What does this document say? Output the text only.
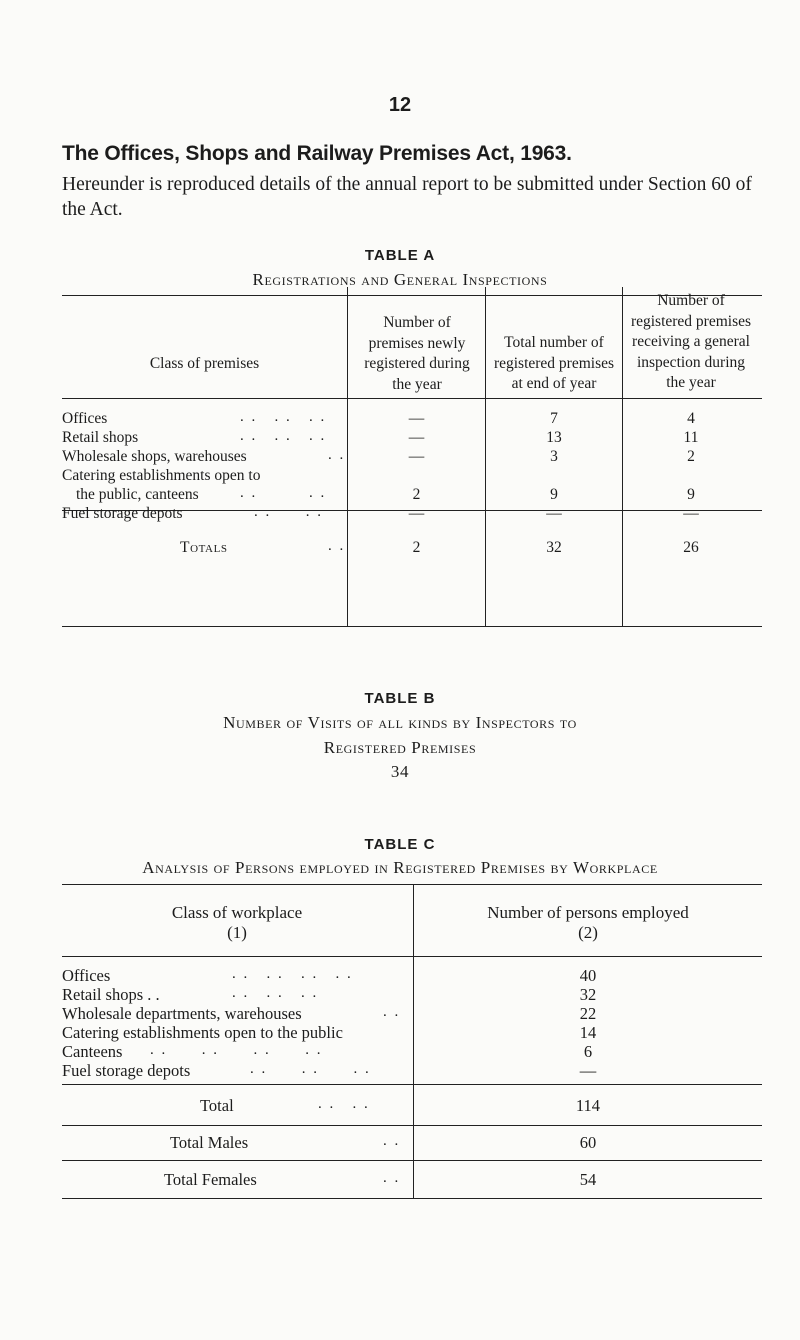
12
The Offices, Shops and Railway Premises Act, 1963.
Hereunder is reproduced details of the annual report to be submitted under Section 60 of the Act.
TABLE A
Registrations and General Inspections
Class of premises
Number of premises newly registered during the year
Total number of registered premises at end of year
Number of registered premises receiving a general inspection during the year
Offices	. .   . .   . .	—	7	4
Retail shops	. .   . .   . .	—	13	11
Wholesale shops, warehouses	. .	—	3	2
Catering establishments open to
the public, canteens	. .         . .	2	9	9
Fuel storage depots	. .      . .	—	—	—
Totals	. .	2	32	26
TABLE B
Number of Visits of all kinds by Inspectors to
Registered Premises
34
TABLE C
Analysis of Persons employed in Registered Premises by Workplace
Class of workplace
(1)
Number of persons employed
(2)
Offices	. .   . .   . .   . .	40
Retail shops . .	. .   . .   . .	32
Wholesale departments, warehouses	. .	22
Catering establishments open to the public	14
Canteens . .      . .      . .      . .	6
Fuel storage depots	. .      . .      . .	—
Total	. .   . .	114
Total Males	. .	60
Total Females	. .	54
